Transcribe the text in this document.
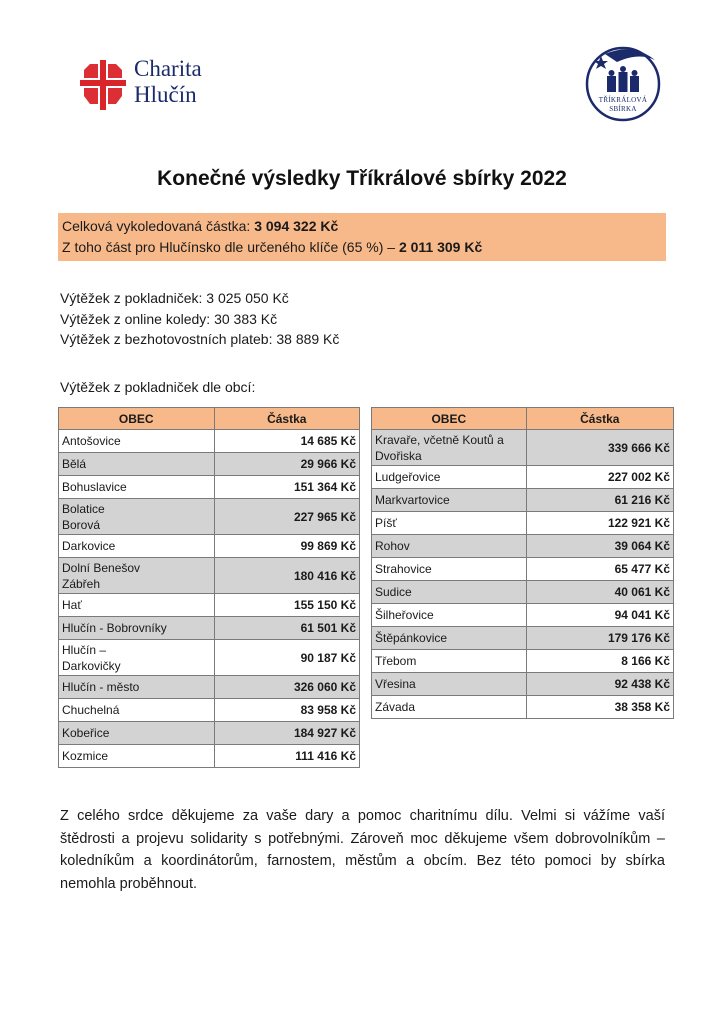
Charita
Hlučín	TŘÍKRÁLOVÁ
SBÍRKA
Konečné výsledky Tříkrálové sbírky 2022
Celková vykoledovaná částka: 3 094 322 Kč
Z toho část pro Hlučínsko dle určeného klíče (65 %) – 2 011 309 Kč
Výtěžek z pokladniček: 3 025 050 Kč
Výtěžek z online koledy: 30 383 Kč
Výtěžek z bezhotovostních plateb: 38 889 Kč
Výtěžek z pokladniček dle obcí:
OBEC	Částka
Antošovice	14 685 Kč
Bělá	29 966 Kč
Bohuslavice	151 364 Kč
Bolatice
Borová	227 965 Kč
Darkovice	99 869 Kč
Dolní Benešov
Zábřeh	180 416 Kč
Hať	155 150 Kč
Hlučín - Bobrovníky	61 501 Kč
Hlučín –
Darkovičky	90 187 Kč
Hlučín - město	326 060 Kč
Chuchelná	83 958 Kč
Kobeřice	184 927 Kč
Kozmice	111 416 Kč
OBEC	Částka
Kravaře, včetně Koutů a Dvořiska	339 666 Kč
Ludgeřovice	227 002 Kč
Markvartovice	61 216 Kč
Píšť	122 921 Kč
Rohov	39 064 Kč
Strahovice	65 477 Kč
Sudice	40 061 Kč
Šilheřovice	94 041 Kč
Štěpánkovice	179 176 Kč
Třebom	8 166 Kč
Vřesina	92 438 Kč
Závada	38 358 Kč
Z celého srdce děkujeme za vaše dary a pomoc charitnímu dílu. Velmi si vážíme vaší štědrosti a projevu solidarity s potřebnými. Zároveň moc děkujeme všem dobrovolníkům – koledníkům a koordinátorům, farnostem, městům a obcím. Bez této pomoci by sbírka nemohla proběhnout.
